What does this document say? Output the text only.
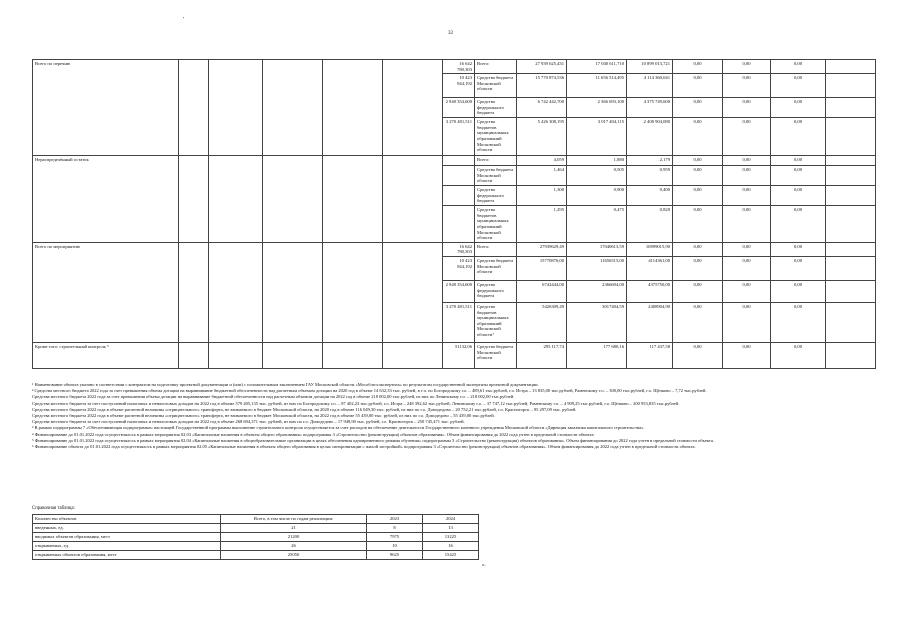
'
32
Всего по перечню						16 642 780,303	Всего:	27 939 625,431	17 040 611,710	10 899 013,721	0,00	0,00	0,00	
						10 423 944,192	Средства бюджета Московской области	15 770 874,536	11 656 514,495	4 114 360,041	0,00	0,00	0,00	
						2 948 354,600	Средства федерального бюджета	6 742 442,700	2 366 693,100	4 375 749,600	0,00	0,00	0,00	
						3 270 481,511	Средства бюджетов муниципальных образований Московской области	5 426 308,195	3 017 404,115	2 408 904,080	0,00	0,00	0,00	
Нераспределённый остаток							Всего:	4,059	1,880	2,179	0,00	0,00	0,00	
							Средства бюджета Московской области	1,464	0,505	0,959	0,00	0,00	0,00	
							Средства федерального бюджета	1,300	0,900	0,400	0,00	0,00	0,00	
							Средства бюджетов муниципальных образований Московской области	1,295	0,475	0,820	0,00	0,00	0,00	
Всего по мероприятию						16 642 780,303	Всего:	27939629,49	17040613,59	10899015,90	0,00	0,00	0,00	
						10 423 944,192	Средства бюджета Московской области	15770876,00	11656515,00	4114361,00	0,00	0,00	0,00	
						2 948 354,600	Средства федерального бюджета	6742444,00	2366694,00	4375750,00	0,00	0,00	0,00	
						3 270 481,511	Средства бюджетов муниципальных образований Московской области⁷	5426309,49	3017404,59	2408904,90	0,00	0,00	0,00	
Кроме того: строительный контроль ⁵						51132,06	Средства бюджета Московской области	295 117,74	177 680,16	117 437,58	0,00	0,00	0,00	

¹ Наименование объекта указано в соответствии с контрактом на подготовку проектной документации и (или) с положительным заключением ГАУ Московской области «Мособлгосэкспертиза» по результатам государственной экспертизы проектной документации.

² Средства местного бюджета 2022 года за счет превышения объема дотации на выравнивание бюджетной обеспеченности над расчетным объемом дотации на 2020 год в объеме 14 632,33 тыс. рублей, в т.ч. по Богородскому г.о. – 489,61 тыс.рублей, г.о. Истра – 13 835,00 тыс.рублей, Раменскому г.о. – 300,00 тыс.рублей, г.о. Щёлково – 7,72 тыс.рублей.

Средства местного бюджета 2022 года за счет превышения объема дотации на выравнивание бюджетной обеспеченности над расчетным объемом дотации на 2022 год в объеме 218 002,00 тыс.рублей, из них по Ленинскому г.о. – 218 002,00 тыс.рублей.

Средства местного бюджета за счет поступлений налоговых и неналоговых доходов на 2022 год в объеме 579 405,135 тыс. рублей, из них по Богородскому г.о. – 87 402,23 тыс.рублей, г.о. Истра – 248 392,62 тыс.рублей, Ленинскому г.о. – 37 747,12 тыс.рублей, Раменскому г.о. – 4 909,25 тыс.рублей, г.о. Щёлково – 200 953,835 тыс.рублей.

Средства местного бюджета 2022 года в объеме расчетной величины «отрицательного» трансферта, не взимаемого в бюджет Московской области, на 2020 год в объеме 116 049,30 тыс. рублей, из них по г.о. Домодедово – 20 752,21 тыс.рублей, г.о. Красногорск – 95 297,09 тыс. рублей.

Средства местного бюджета 2022 года в объеме расчетной величины «отрицательного» трансферта, не взимаемого в бюджет Московской области, на 2022 год в объеме 55 439,00 тыс. рублей, из них по г.о. Домодедово – 55 439,00 тыс.рублей.

Средства местного бюджета за счет поступлений налоговых и неналоговых доходов на 2022 год в объеме 268 694,371 тыс. рублей, из них по г.о. Домодедово – 17 948,90 тыс. рублей, г.о. Красногорск – 250 745,471 тыс. рублей.

³ В рамках подпрограммы 7 «Обеспечивающая подпрограмма» настоящей Государственной программы выполнение строительного контроля осуществляется за счет расходов на обеспечение деятельности Государственного казенного учреждения Московской области «Дирекция заказчика капитального строительства».

⁴ Финансирование до 01.01.2022 года осуществлялось в рамках мероприятия 02.03 «Капитальные вложения в объекты общего образования» подпрограммы 3 «Строительство (реконструкция) объектов образования». Объем финансирования до 2022 года учтен в предельной стоимости объекта.

⁵ Финансирование до 01.01.2022 года осуществлялось в рамках мероприятия 02.04 «Капитальные вложения в общеобразовательные организации в целях обеспечения одновременного режима обучения» подпрограммы 3 «Строительство (реконструкция) объектов образования». Объем финансирования до 2022 года учтен в предельной стоимости объекта.

⁶ Финансирование объекта до 01.01.2022 года осуществлялось в рамках мероприятия 02.05 «Капитальные вложения в объекты общего образования в целях синхронизации с жилой застройкой» подпрограммы 3 «Строительство (реконструкция) объектов образования». Объем финансирования до 2022 года учтен в предельной стоимости объекта.

Справочная таблица:
Количество объектов	Всего, в том числе по годам реализации:	2023	2024
введенных, ед.	21	8	13
вводимых объектов образования, мест	21200	7975	13225
открываемых, ед.	26	10	16
открываемых объектов образования, мест	25050	9625	15425
».
